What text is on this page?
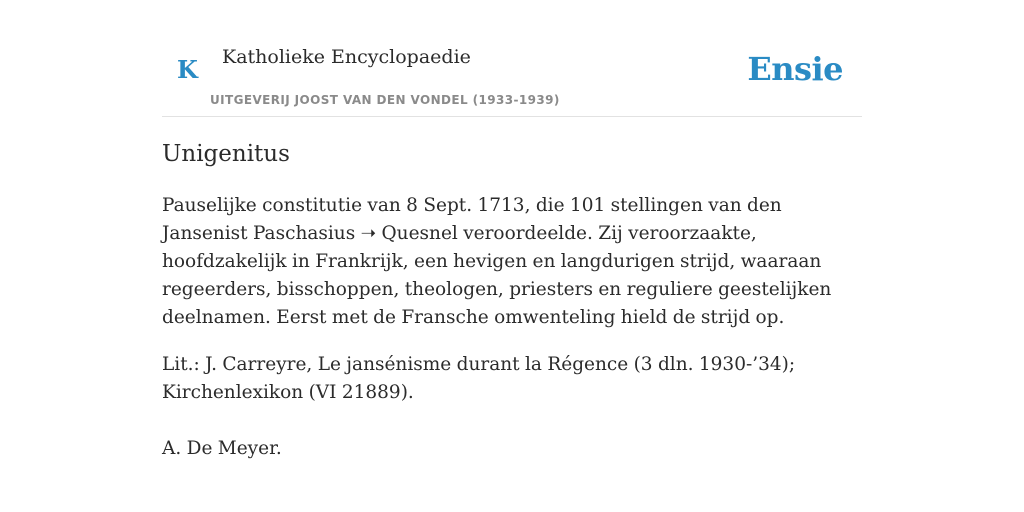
K Katholieke Encyclopaedie
UITGEVERIJ JOOST VAN DEN VONDEL (1933-1939)
Ensie
Unigenitus

Pauselijke constitutie van 8 Sept. 1713, die 101 stellingen van den Jansenist Paschasius ➝ Quesnel veroordeelde. Zij veroorzaakte, hoofdzakelijk in Frankrijk, een hevigen en langdurigen strijd, waaraan regeerders, bisschoppen, theologen, priesters en reguliere geestelijken deelnamen. Eerst met de Fransche omwenteling hield de strijd op.

Lit.: J. Carreyre, Le jansénisme durant la Régence (3 dln. 1930-’34); Kirchenlexikon (VI 21889).

A. De Meyer.
